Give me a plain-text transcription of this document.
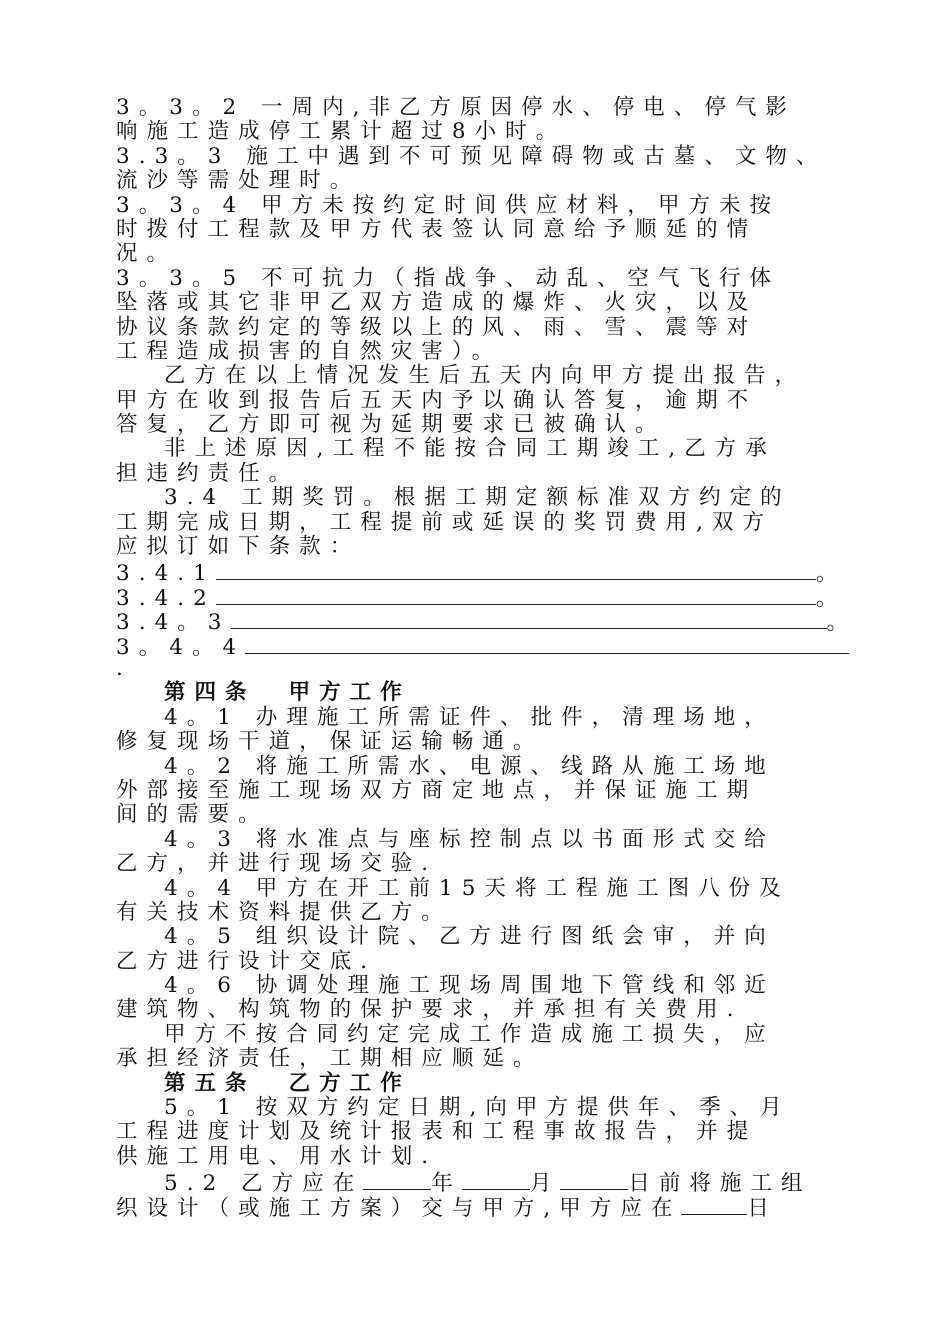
3。3。2 一周内,非乙方原因停水、停电、停气影
响施工造成停工累计超过8小时。
3.3。3 施工中遇到不可预见障碍物或古墓、文物、
流沙等需处理时。
3。3。4 甲方未按约定时间供应材料，甲方未按
时拨付工程款及甲方代表签认同意给予顺延的情
况。
3。3。5 不可抗力（指战争、动乱、空气飞行体
坠落或其它非甲乙双方造成的爆炸、火灾，以及
协议条款约定的等级以上的风、雨、雪、震等对
工程造成损害的自然灾害）。
乙方在以上情况发生后五天内向甲方提出报告，
甲方在收到报告后五天内予以确认答复，逾期不
答复，乙方即可视为延期要求已被确认。
非上述原因,工程不能按合同工期竣工,乙方承
担违约责任。
3.4 工期奖罚。根据工期定额标准双方约定的
工期完成日期，工程提前或延误的奖罚费用,双方
应拟订如下条款：
3.4.1	。
3.4.2	。
3.4。3	。
3。4。4
.
第四条  甲方工作
4。1 办理施工所需证件、批件，清理场地，
修复现场干道，保证运输畅通。
4。2 将施工所需水、电源、线路从施工场地
外部接至施工现场双方商定地点，并保证施工期
间的需要。
4。3 将水准点与座标控制点以书面形式交给
乙方，并进行现场交验.
4。4 甲方在开工前15天将工程施工图八份及
有关技术资料提供乙方。
4。5 组织设计院、乙方进行图纸会审，并向
乙方进行设计交底.
4。6 协调处理施工现场周围地下管线和邻近
建筑物、构筑物的保护要求，并承担有关费用.
甲方不按合同约定完成工作造成施工损失，应
承担经济责任，工期相应顺延。
第五条  乙方工作
5。1 按双方约定日期,向甲方提供年、季、月
工程进度计划及统计报表和工程事故报告，并提
供施工用电、用水计划.
5.2 乙方应在	年	月	日前将施工组
织设计（或施工方案）交与甲方,甲方应在	日
